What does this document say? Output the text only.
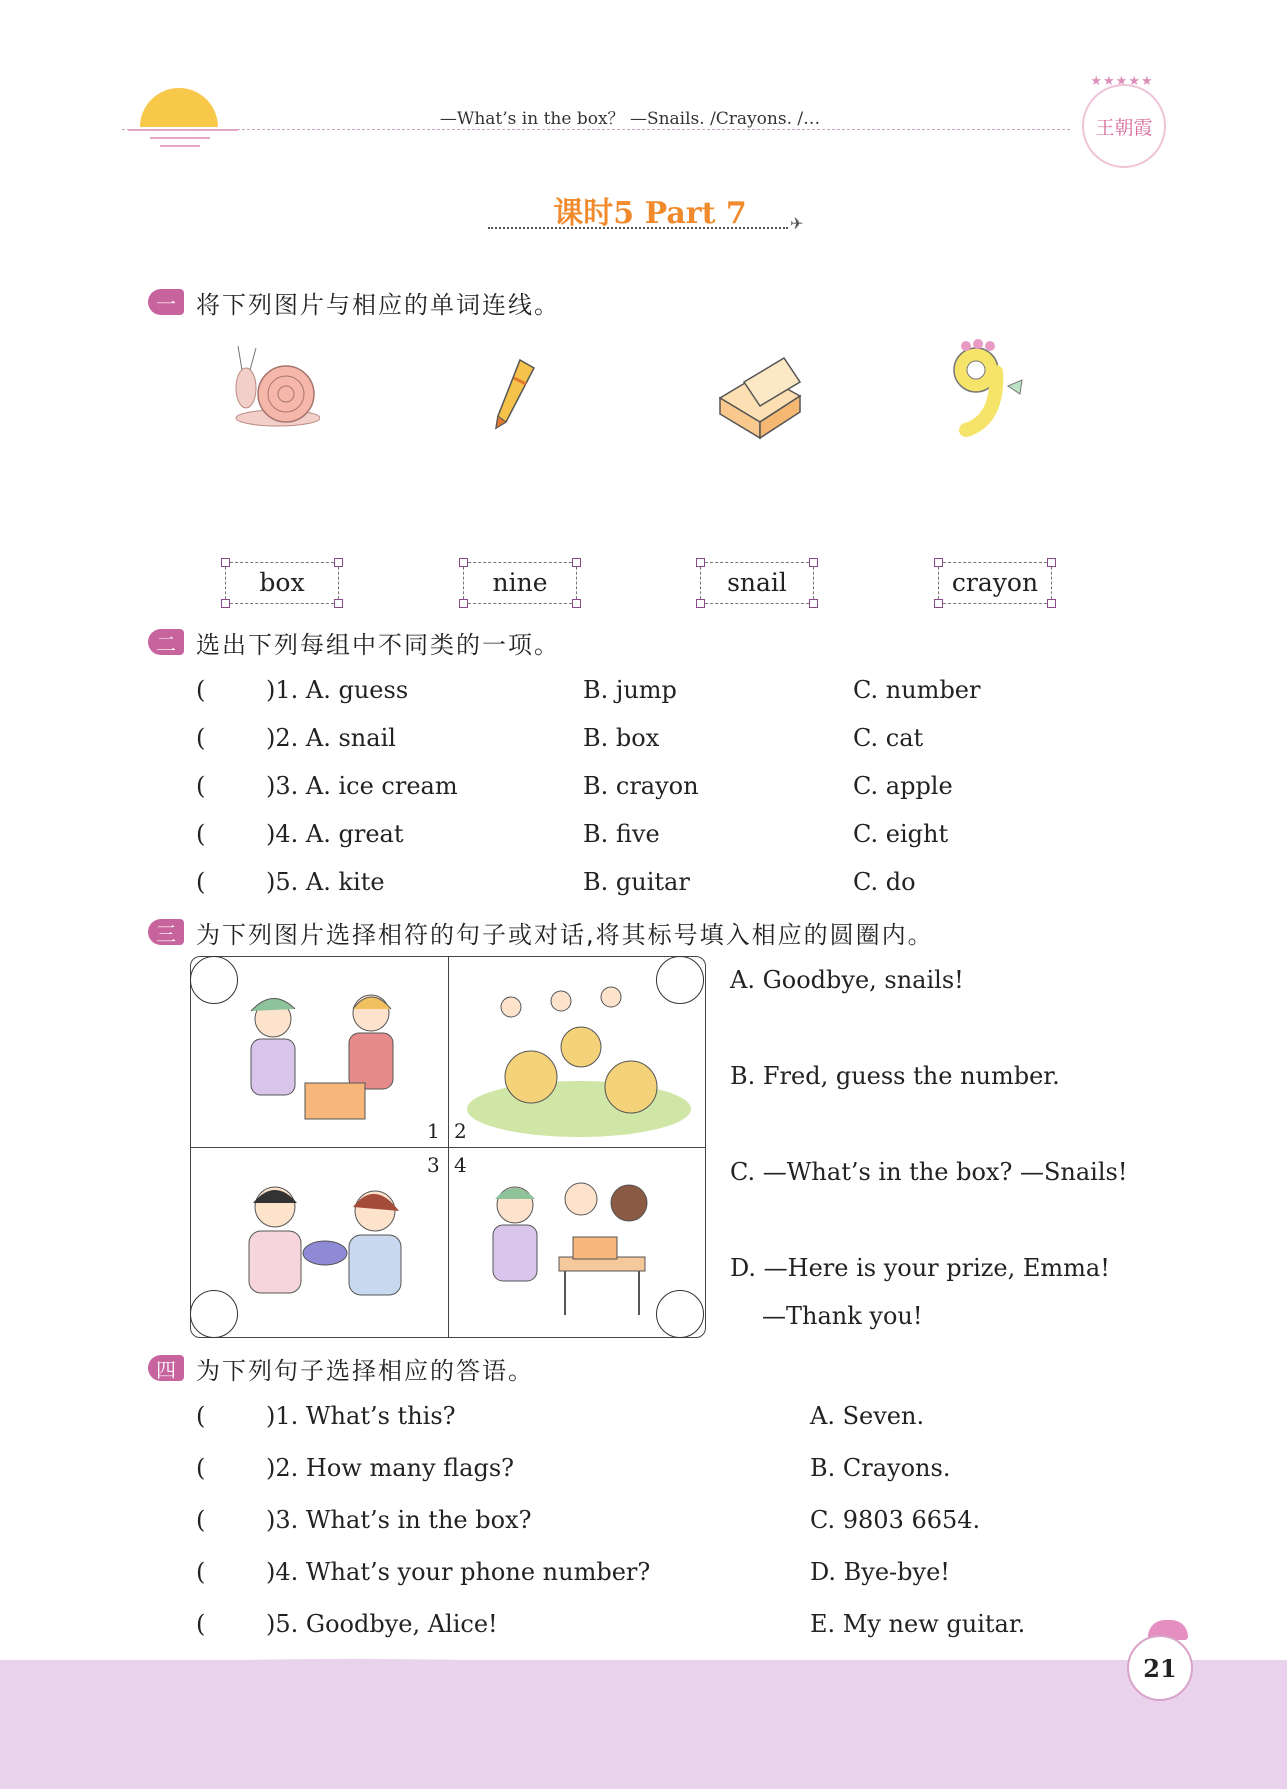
—What’s in the box？ —Snails. /Crayons. /…
★★★★★
王朝霞
课时5 Part 7	✈
一 将下列图片与相应的单词连线。
box	nine	snail	crayon
二 选出下列每组中不同类的一项。
(	)1. A. guess	B. jump	C. number
(	)2. A. snail	B. box	C. cat
(	)3. A. ice cream	B. crayon	C. apple
(	)4. A. great	B. five	C. eight
(	)5. A. kite	B. guitar	C. do
三 为下列图片选择相符的句子或对话,将其标号填入相应的圆圈内。
1 2
3 4
A. Goodbye, snails!
B. Fred, guess the number.
C. —What’s in the box? —Snails!
D. —Here is your prize, Emma!
—Thank you!
四 为下列句子选择相应的答语。
(	)1. What’s this?	A. Seven.
(	)2. How many flags?	B. Crayons.
(	)3. What’s in the box?	C. 9803 6654.
(	)4. What’s your phone number?	D. Bye-bye!
(	)5. Goodbye, Alice!	E. My new guitar.
21
